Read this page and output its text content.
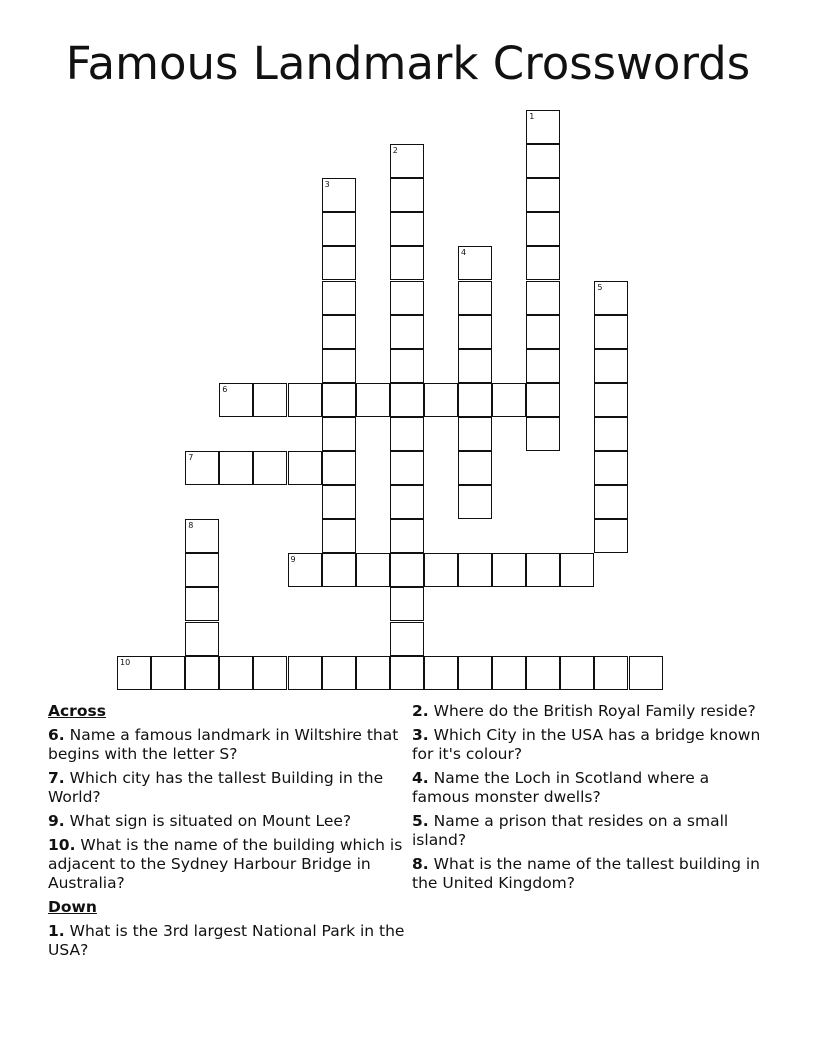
Famous Landmark Crosswords
1
2
3
4
5
6
7
8
9
10
Across
6. Name a famous landmark in Wiltshire that begins with the letter S?
7. Which city has the tallest Building in the World?
9. What sign is situated on Mount Lee?
10. What is the name of the building which is adjacent to the Sydney Harbour Bridge in Australia?
Down
1. What is the 3rd largest National Park in the USA?
2. Where do the British Royal Family reside?
3. Which City in the USA has a bridge known for it's colour?
4. Name the Loch in Scotland where a famous monster dwells?
5. Name a prison that resides on a small island?
8. What is the name of the tallest building in the United Kingdom?
